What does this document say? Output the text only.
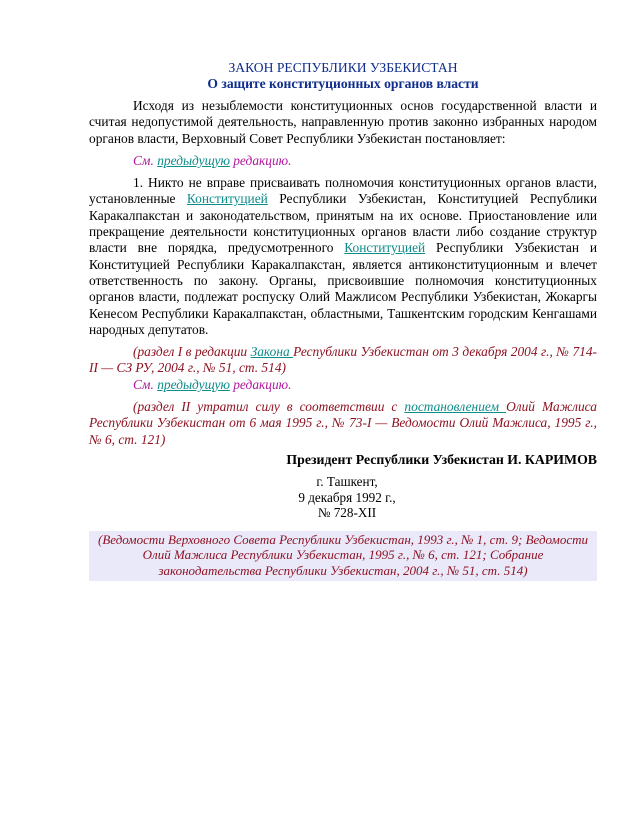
ЗАКОН РЕСПУБЛИКИ УЗБЕКИСТАН

О защите конституционных органов власти

Исходя из незыблемости конституционных основ государственной власти и считая недопустимой деятельность, направленную против законно избранных народом органов власти, Верховный Совет Республики Узбекистан постановляет:

См. предыдущую редакцию.

1. Никто не вправе присваивать полномочия конституционных органов власти, установленные Конституцией Республики Узбекистан, Конституцией Республики Каракалпакстан и законодательством, принятым на их основе. Приостановление или прекращение деятельности конституционных органов власти либо создание структур власти вне порядка, предусмотренного Конституцией Республики Узбекистан и Конституцией Республики Каракалпакстан, является антиконституционным и влечет ответственность по закону. Органы, присвоившие полномочия конституционных органов власти, подлежат роспуску Олий Мажлисом Республики Узбекистан, Жокаргы Кенесом Республики Каракалпакстан, областными, Ташкентским городским Кенгашами народных депутатов.

(раздел I в редакции Закона Республики Узбекистан от 3 декабря 2004 г., № 714-II — СЗ РУ, 2004 г., № 51, ст. 514)

См. предыдущую редакцию.

(раздел II утратил силу в соответствии с постановлением Олий Мажлиса Республики Узбекистан от 6 мая 1995 г., № 73-I — Ведомости Олий Мажлиса, 1995 г., № 6, ст. 121)

Президент Республики Узбекистан И. КАРИМОВ

г. Ташкент,
9 декабря 1992 г.,
№ 728-XII
(Ведомости Верховного Совета Республики Узбекистан, 1993 г., № 1, ст. 9; Ведомости Олий Мажлиса Республики Узбекистан, 1995 г., № 6, ст. 121; Собрание законодательства Республики Узбекистан, 2004 г., № 51, ст. 514)
